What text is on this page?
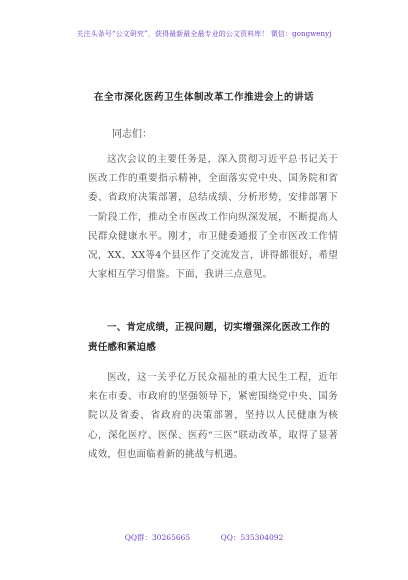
关注头条号“公文研究”，获得最新最全最专业的公文资料库！ 微信：gongwenyj
在全市深化医药卫生体制改革工作推进会上的讲话
同志们：

这次会议的主要任务是，深入贯彻习近平总书记关于医改工作的重要指示精神，全面落实党中央、国务院和省委、省政府决策部署，总结成绩、分析形势，安排部署下一阶段工作，推动全市医改工作向纵深发展，不断提高人民群众健康水平。刚才，市卫健委通报了全市医改工作情况，XX、XX等4个县区作了交流发言，讲得都很好，希望大家相互学习借鉴。下面，我讲三点意见。

一、肯定成绩，正视问题，切实增强深化医改工作的责任感和紧迫感

医改，这一关乎亿万民众福祉的重大民生工程，近年来在市委、市政府的坚强领导下，紧密围绕党中央、国务院以及省委、省政府的决策部署，坚持以人民健康为核心，深化医疗、医保、医药“三医”联动改革，取得了显著成效，但也面临着新的挑战与机遇。

QQ群：30265665	QQ：535304092
